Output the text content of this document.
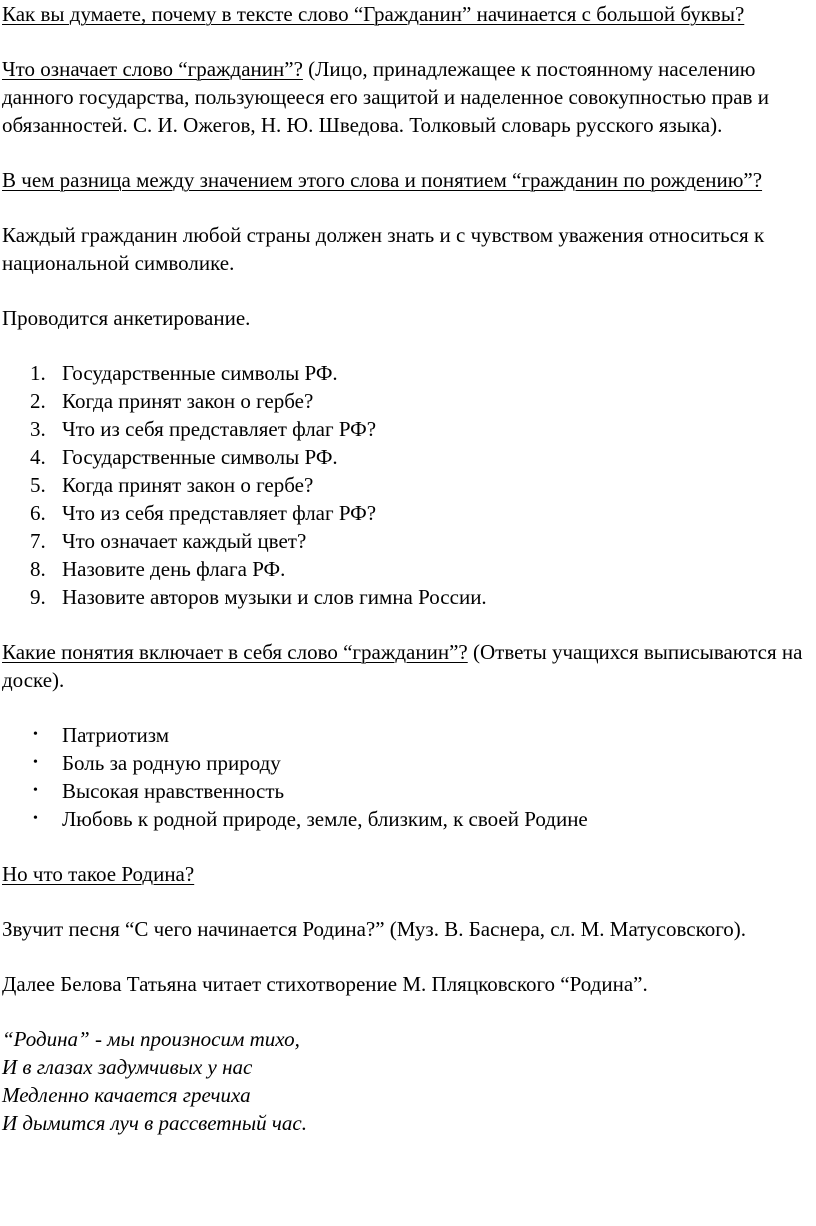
Как вы думаете, почему в тексте слово “Гражданин” начинается с большой буквы?

Что означает слово “гражданин”? (Лицо, принадлежащее к постоянному населению данного государства, пользующееся его защитой и наделенное совокупностью прав и обязанностей. С. И. Ожегов, Н. Ю. Шведова. Толковый словарь русского языка).

В чем разница между значением этого слова и понятием “гражданин по рождению”?

Каждый гражданин любой страны должен знать и с чувством уважения относиться к национальной символике.

Проводится анкетирование.

1. Государственные символы РФ.
2. Когда принят закон о гербе?
3. Что из себя представляет флаг РФ?
4. Государственные символы РФ.
5. Когда принят закон о гербе?
6. Что из себя представляет флаг РФ?
7. Что означает каждый цвет?
8. Назовите день флага РФ.
9. Назовите авторов музыки и слов гимна России.

Какие понятия включает в себя слово “гражданин”? (Ответы учащихся выписываются на доске).

• Патриотизм
• Боль за родную природу
• Высокая нравственность
• Любовь к родной природе, земле, близким, к своей Родине

Но что такое Родина?

Звучит песня “С чего начинается Родина?” (Муз. В. Баснера, сл. М. Матусовского).

Далее Белова Татьяна читает стихотворение М. Пляцковского “Родина”.

“Родина” - мы произносим тихо,

И в глазах задумчивых у нас

Медленно качается гречиха

И дымится луч в рассветный час.
